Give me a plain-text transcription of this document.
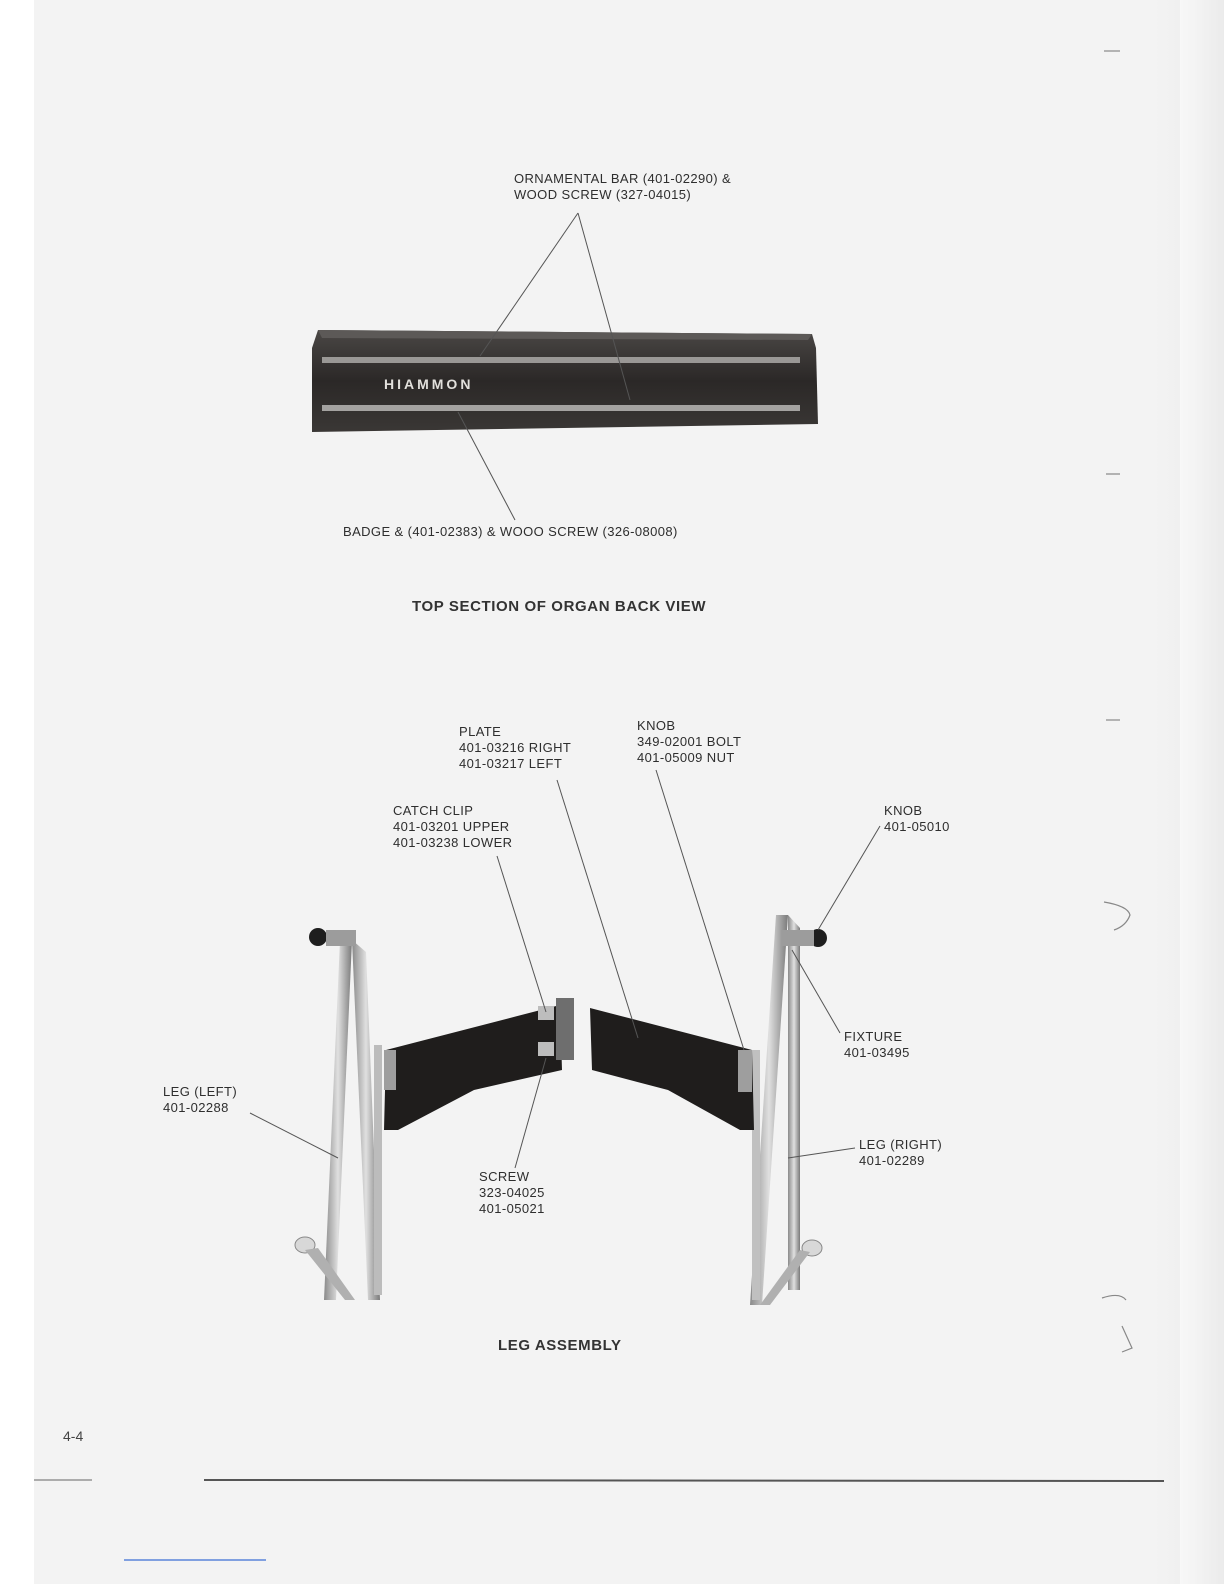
ORNAMENTAL BAR (401-02290) &
WOOD SCREW (327-04015)
HIAMMON
BADGE & (401-02383) & WOOO SCREW (326-08008)
TOP SECTION OF ORGAN BACK VIEW
PLATE
401-03216 RIGHT
401-03217 LEFT
KNOB
349-02001 BOLT
401-05009 NUT
CATCH CLIP
401-03201 UPPER
401-03238 LOWER
KNOB
401-05010
FIXTURE
401-03495
LEG (LEFT)
401-02288
LEG (RIGHT)
401-02289
SCREW
323-04025
401-05021
LEG ASSEMBLY
4-4
